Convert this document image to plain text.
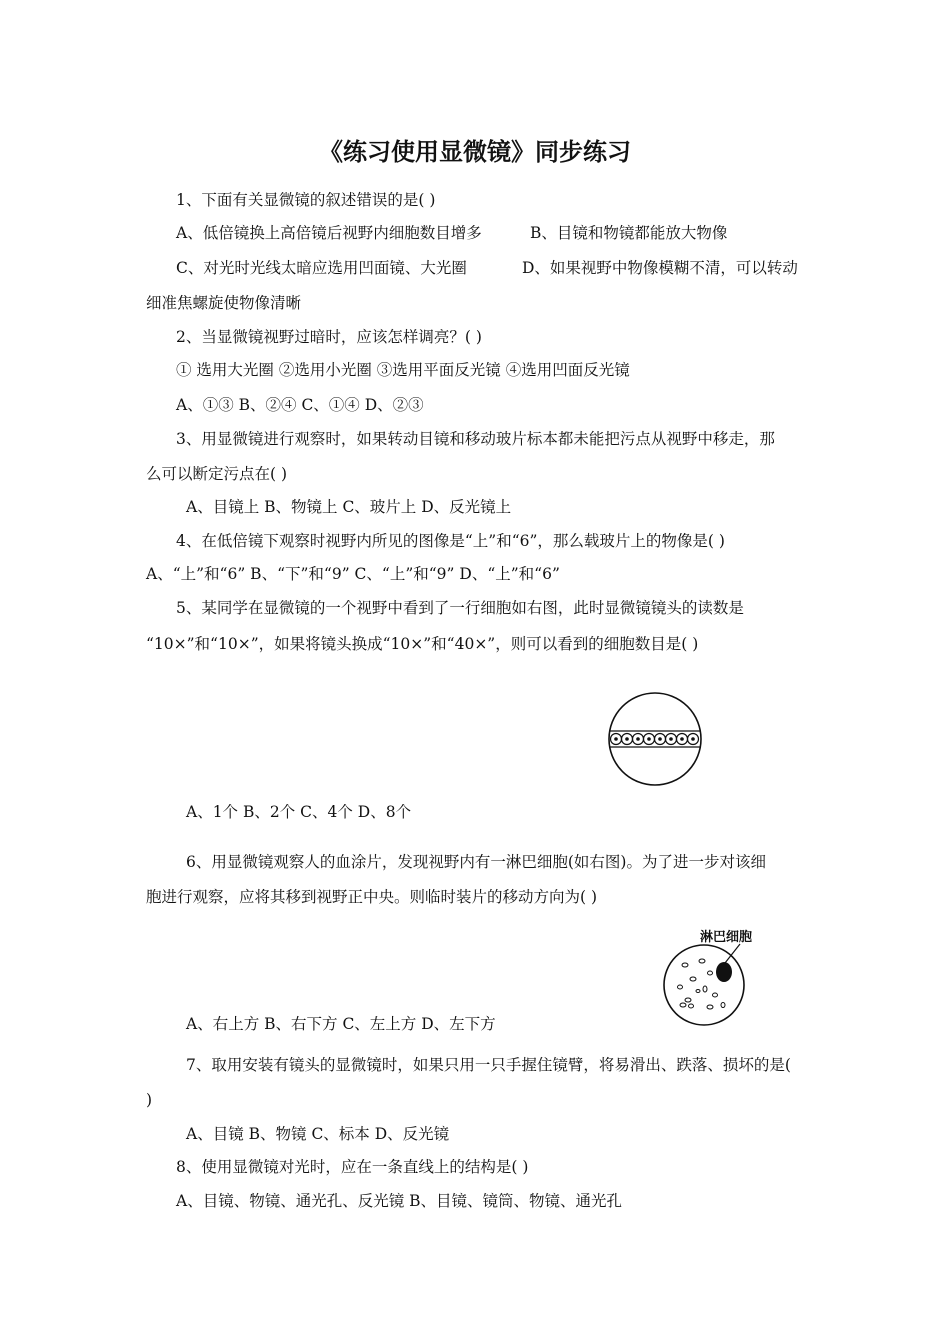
《练习使用显微镜》同步练习
1、下面有关显微镜的叙述错误的是( )
A、低倍镜换上高倍镜后视野内细胞数目增多	B、目镜和物镜都能放大物像
C、对光时光线太暗应选用凹面镜、大光圈	D、如果视野中物像模糊不清，可以转动
细准焦螺旋使物像清晰
2、当显微镜视野过暗时，应该怎样调亮？( )
① 选用大光圈 ②选用小光圈 ③选用平面反光镜 ④选用凹面反光镜
A、①③ B、②④ C、①④ D、②③
3、用显微镜进行观察时，如果转动目镜和移动玻片标本都未能把污点从视野中移走，那
么可以断定污点在( )
A、目镜上 B、物镜上 C、玻片上 D、反光镜上
4、在低倍镜下观察时视野内所见的图像是“上”和“6”，那么载玻片上的物像是( )
A、“上”和“6” B、“下”和“9” C、“上”和“9” D、“上”和“6”
5、某同学在显微镜的一个视野中看到了一行细胞如右图，此时显微镜镜头的读数是
“10×”和“10×”，如果将镜头换成“10×”和“40×”，则可以看到的细胞数目是( )
A、1个 B、2个 C、4个 D、8个
6、用显微镜观察人的血涂片，发现视野内有一淋巴细胞(如右图)。为了进一步对该细
胞进行观察，应将其移到视野正中央。则临时装片的移动方向为( )
淋巴细胞
A、右上方 B、右下方 C、左上方 D、左下方
7、取用安装有镜头的显微镜时，如果只用一只手握住镜臂，将易滑出、跌落、损坏的是(
)
A、目镜 B、物镜 C、标本 D、反光镜
8、使用显微镜对光时，应在一条直线上的结构是( )
A、目镜、物镜、通光孔、反光镜 B、目镜、镜筒、物镜、通光孔
